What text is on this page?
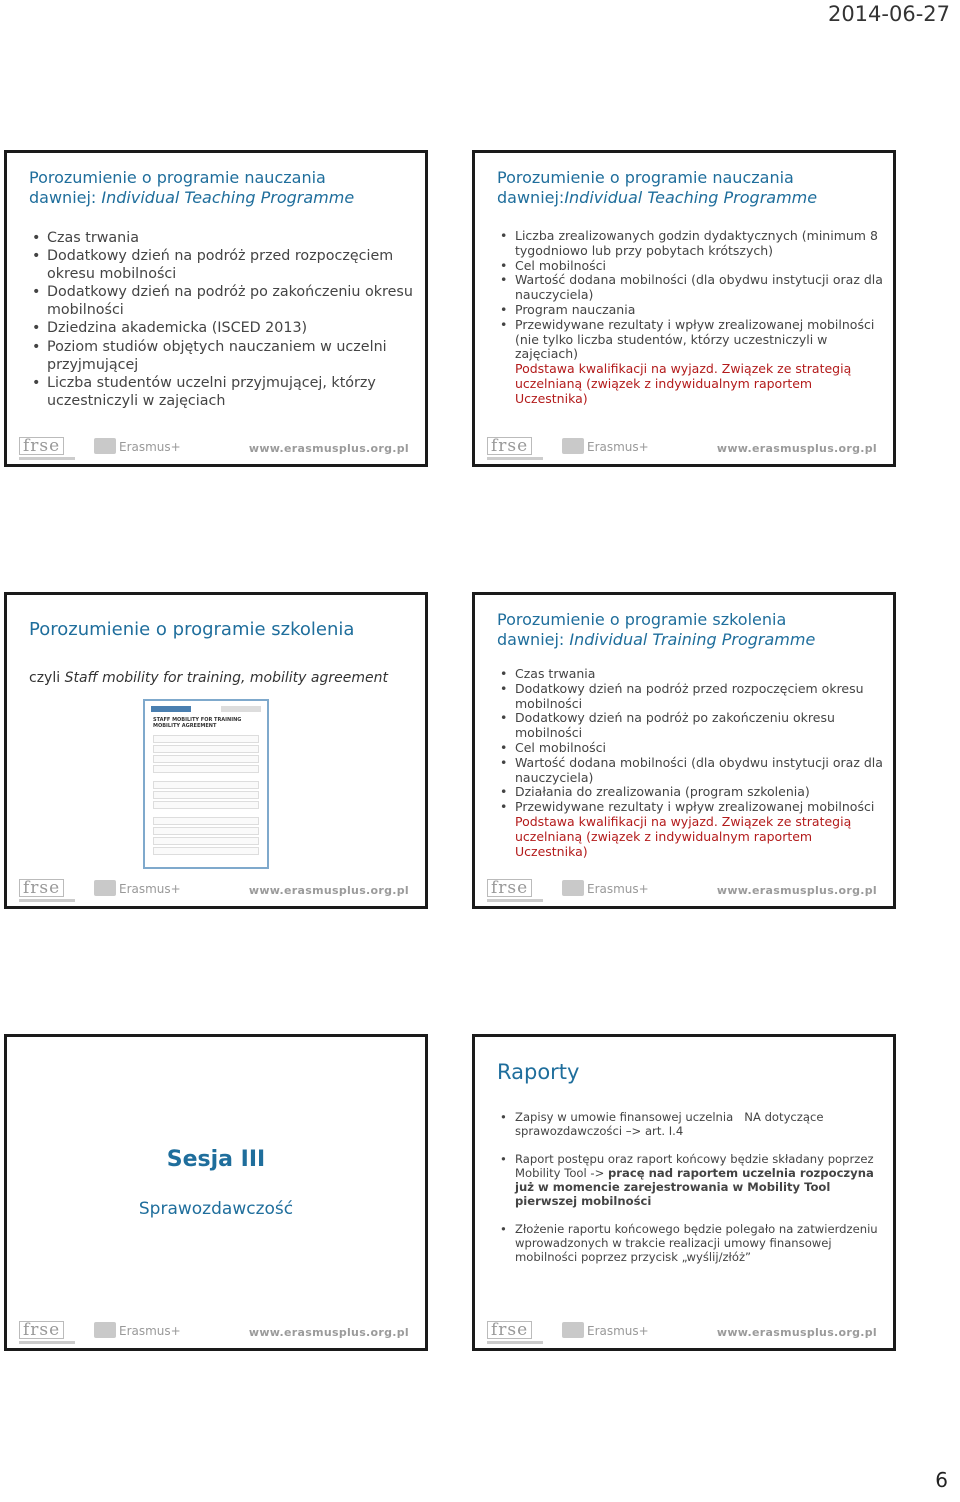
2014-06-27
Porozumienie o programie nauczania
dawniej: Individual Teaching Programme
• Czas trwania
• Dodatkowy dzień na podróż przed rozpoczęciem okresu mobilności
• Dodatkowy dzień na podróż po zakończeniu okresu mobilności
• Dziedzina akademicka (ISCED 2013)
• Poziom studiów objętych nauczaniem w uczelni przyjmującej
• Liczba studentów uczelni przyjmującej, którzy uczestniczyli w zajęciach
frse	Erasmus+	www.erasmusplus.org.pl
Porozumienie o programie nauczania
dawniej:Individual Teaching Programme
• Liczba zrealizowanych godzin dydaktycznych (minimum 8 tygodniowo lub przy pobytach krótszych)
• Cel mobilności
• Wartość dodana mobilności (dla obydwu instytucji oraz dla nauczyciela)
• Program nauczania
• Przewidywane rezultaty i wpływ zrealizowanej mobilności (nie tylko liczba studentów, którzy uczestniczyli w zajęciach)
Podstawa kwalifikacji na wyjazd. Związek ze strategią uczelnianą (związek z indywidualnym raportem Uczestnika)
frse	Erasmus+	www.erasmusplus.org.pl
Porozumienie o programie szkolenia
czyli Staff mobility for training, mobility agreement
STAFF MOBILITY FOR TRAINING MOBILITY AGREEMENT
frse	Erasmus+	www.erasmusplus.org.pl
Porozumienie o programie szkolenia
dawniej: Individual Training Programme
• Czas trwania
• Dodatkowy dzień na podróż przed rozpoczęciem okresu mobilności
• Dodatkowy dzień na podróż po zakończeniu okresu mobilności
• Cel mobilności
• Wartość dodana mobilności (dla obydwu instytucji oraz dla nauczyciela)
• Działania do zrealizowania (program szkolenia)
• Przewidywane rezultaty i wpływ zrealizowanej mobilności
Podstawa kwalifikacji na wyjazd. Związek ze strategią uczelnianą (związek z indywidualnym raportem Uczestnika)
frse	Erasmus+	www.erasmusplus.org.pl
Sesja III
Sprawozdawczość
frse	Erasmus+	www.erasmusplus.org.pl
Raporty
• Zapisy w umowie finansowej uczelnia   NA dotyczące sprawozdawczości –> art. I.4
• Raport postępu oraz raport końcowy będzie składany poprzez Mobility Tool -> pracę nad raportem uczelnia rozpoczyna już w momencie zarejestrowania w Mobility Tool pierwszej mobilności
• Złożenie raportu końcowego będzie polegało na zatwierdzeniu wprowadzonych w trakcie realizacji umowy finansowej mobilności poprzez przycisk „wyślij/złóż”
frse	Erasmus+	www.erasmusplus.org.pl
6
